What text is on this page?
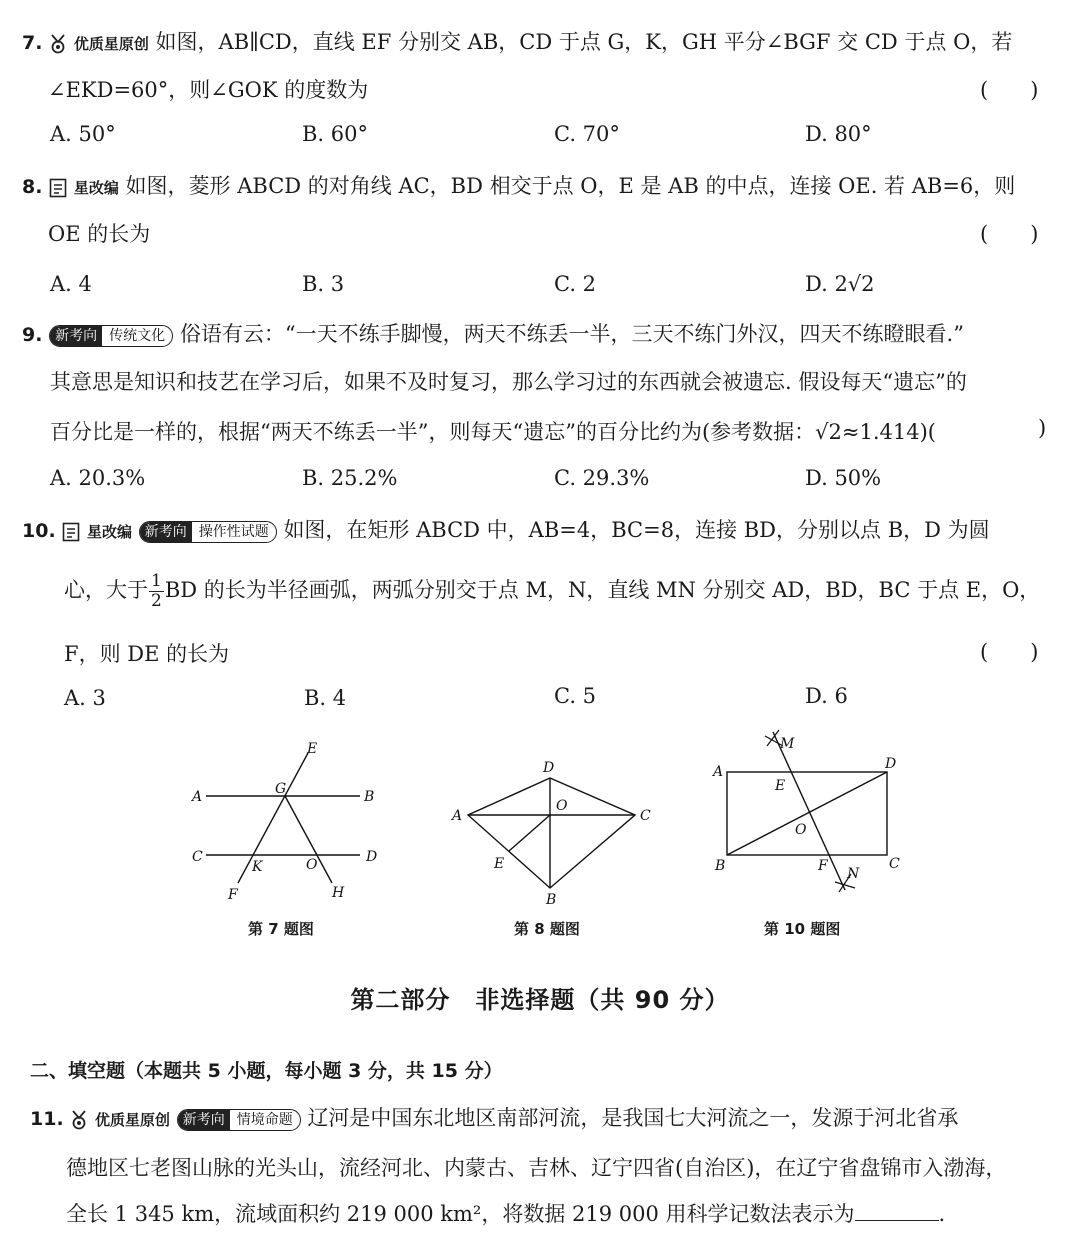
7. 优质星原创 如图，AB∥CD，直线 EF 分别交 AB，CD 于点 G，K，GH 平分∠BGF 交 CD 于点 O，若
∠EKD=60°，则∠GOK 的度数为	(　　)
A. 50°	B. 60°	C. 70°	D. 80°
8. 星改编 如图，菱形 ABCD 的对角线 AC，BD 相交于点 O，E 是 AB 的中点，连接 OE. 若 AB=6，则
OE 的长为	(　　)
A. 4	B. 3	C. 2	D. 2√2
9. 新考向 传统文化 俗语有云：“一天不练手脚慢，两天不练丢一半，三天不练门外汉，四天不练瞪眼看.”
其意思是知识和技艺在学习后，如果不及时复习，那么学习过的东西就会被遗忘. 假设每天“遗忘”的
百分比是一样的，根据“两天不练丢一半”，则每天“遗忘”的百分比约为(参考数据：√2≈1.414)(	)
A. 20.3%	B. 25.2%	C. 29.3%	D. 50%
10. 星改编 新考向 操作性试题 如图，在矩形 ABCD 中，AB=4，BC=8，连接 BD，分别以点 B，D 为圆
心，大于 $\frac{1}{2}$ BD 的长为半径画弧，两弧分别交于点 M，N，直线 MN 分别交 AD，BD，BC 于点 E，O，
F，则 DE 的长为	(　　)
A. 3	B. 4	C. 5	D. 6
E
A	G	B
C
K	O	D
F	H
第 7 题图
D
A
O
C
E
B
第 8 题图
M
A
E
D
O
B	F N
C
第 10 题图
第二部分　非选择题（共 90 分）
二、填空题（本题共 5 小题，每小题 3 分，共 15 分）
11. 优质星原创 新考向 情境命题 辽河是中国东北地区南部河流，是我国七大河流之一，发源于河北省承
德地区七老图山脉的光头山，流经河北、内蒙古、吉林、辽宁四省(自治区)，在辽宁省盘锦市入渤海，
全长 1 345 km，流域面积约 219 000 km²，将数据 219 000 用科学记数法表示为	.
